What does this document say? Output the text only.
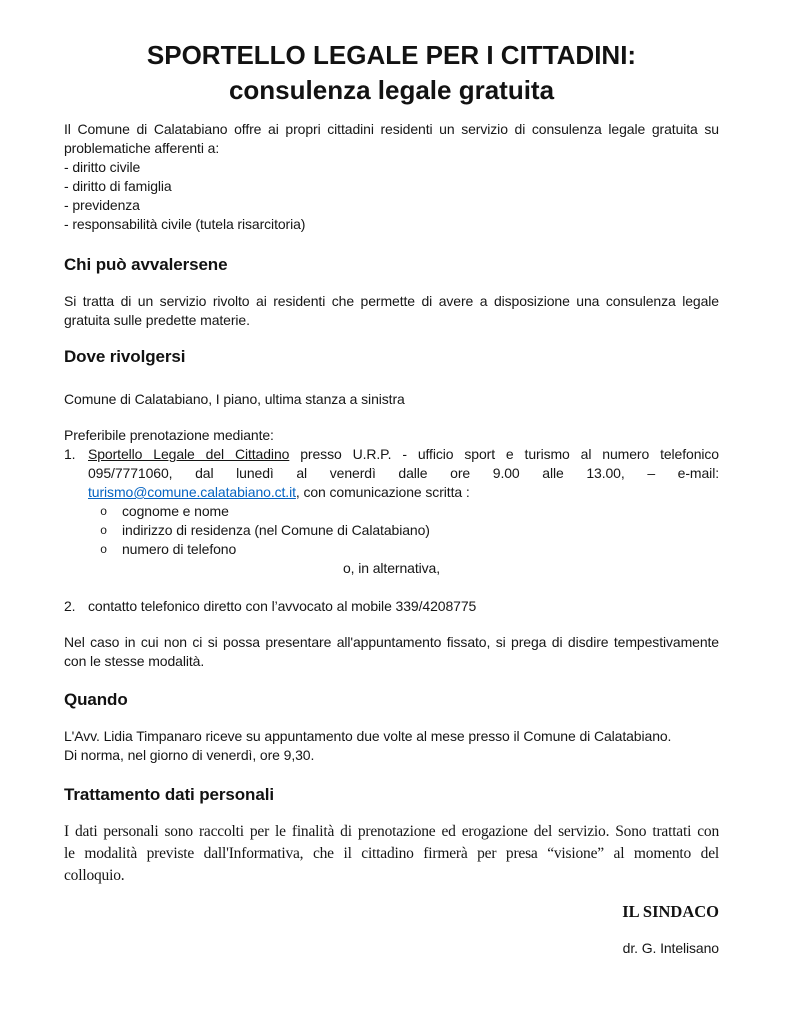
SPORTELLO LEGALE PER I CITTADINI:
consulenza legale gratuita
Il Comune di Calatabiano offre ai propri cittadini residenti un servizio di consulenza legale gratuita su
problematiche afferenti a:
- diritto civile
- diritto di famiglia
- previdenza
- responsabilità civile (tutela risarcitoria)
Chi può avvalersene
Si tratta di un servizio rivolto ai residenti che permette di avere a disposizione una consulenza legale
gratuita sulle predette materie.
Dove rivolgersi
Comune di Calatabiano, I piano, ultima stanza a sinistra
Preferibile prenotazione mediante:
1. Sportello Legale del Cittadino presso U.R.P. - ufficio sport e turismo al numero telefonico
095/7771060, dal lunedì al venerdì dalle ore 9.00 alle 13.00, – e-mail:
turismo@comune.calatabiano.ct.it, con comunicazione scritta :
o cognome e nome
o indirizzo di residenza (nel Comune di Calatabiano)
o numero di telefono
o, in alternativa,
2. contatto telefonico diretto con l’avvocato al mobile 339/4208775
Nel caso in cui non ci si possa presentare all'appuntamento fissato, si prega di disdire tempestivamente
con le stesse modalità.
Quando
L'Avv. Lidia Timpanaro riceve su appuntamento due volte al mese presso il Comune di Calatabiano.
Di norma, nel giorno di venerdì, ore 9,30.
Trattamento dati personali
I dati personali sono raccolti per le finalità di prenotazione ed erogazione del servizio. Sono trattati con
le modalità previste dall'Informativa, che il cittadino firmerà per presa “visione” al momento del
colloquio.
IL SINDACO
dr. G. Intelisano
